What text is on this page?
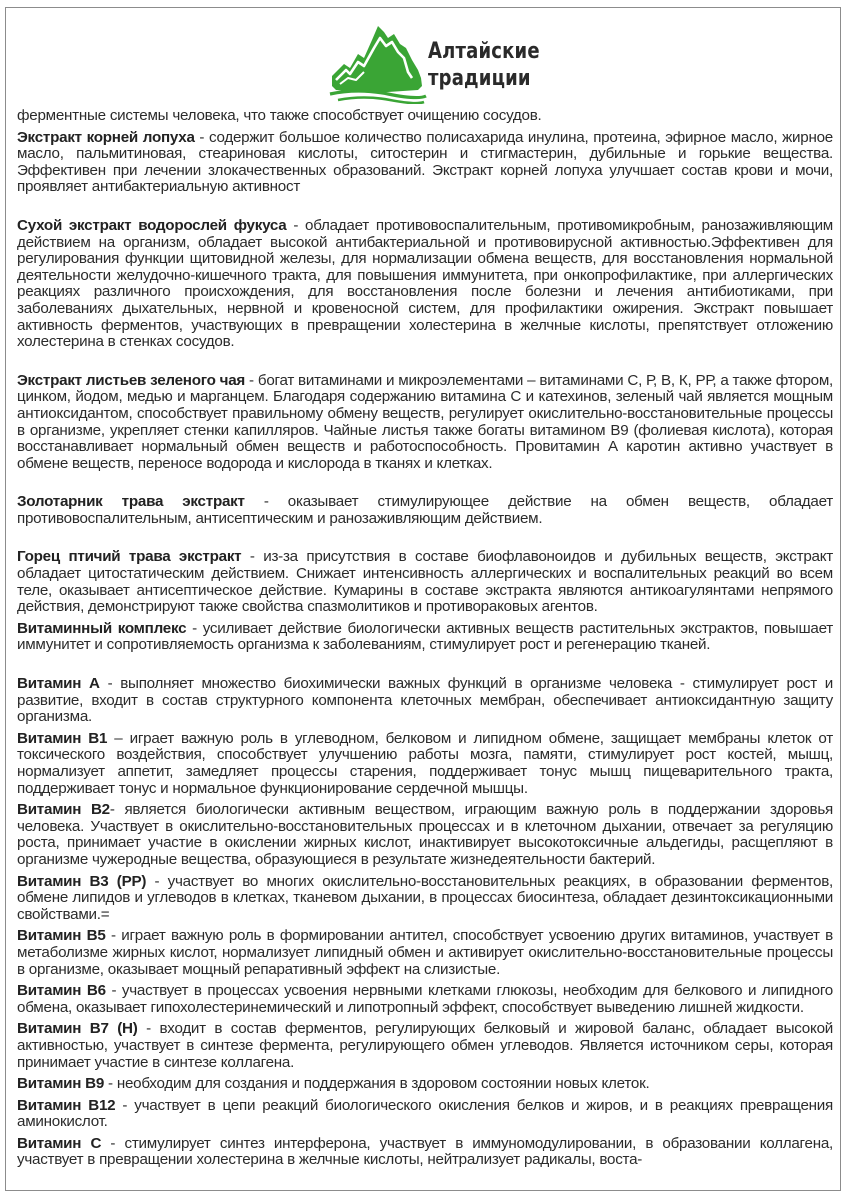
Алтайские
традиции

ферментные системы человека, что также способствует очищению сосудов.

Экстракт корней лопуха - содержит большое количество полисахарида инулина, протеина, эфирное масло, жирное масло, пальмитиновая, стеариновая кислоты, ситостерин и стигмастерин, дубильные и горькие вещества. Эффективен при лечении злокачественных образований. Экстракт корней лопуха улучшает состав крови и мочи, проявляет антибактериальную активност

Сухой экстракт водорослей фукуса - обладает противовоспалительным, противомикробным, ранозаживляющим действием на организм, обладает высокой антибактериальной и противовирусной активностью.Эффективен для регулирования функции щитовидной железы, для нормализации обмена веществ, для восстановления нормальной деятельности желудочно-кишечного тракта, для повышения иммунитета, при онкопрофилактике, при аллергических реакциях различного происхождения, для восстановления после болезни и лечения антибиотиками, при заболеваниях дыхательных, нервной и кровеносной систем, для профилактики ожирения. Экстракт повышает активность ферментов, участвующих в превращении холестерина в желчные кислоты, препятствует отложению холестерина в стенках сосудов.

Экстракт листьев зеленого чая - богат витаминами и микроэлементами – витаминами С, Р, В, К, РР, а также фтором, цинком, йодом, медью и марганцем. Благодаря содержанию витамина С и катехинов, зеленый чай является мощным антиоксидантом, способствует правильному обмену веществ, регулирует окислительно-восстановительные процессы в организме, укрепляет стенки капилляров. Чайные листья также богаты витамином В9 (фолиевая кислота), которая восстанавливает нормальный обмен веществ и работоспособность. Провитамин А каротин активно участвует в обмене веществ, переносе водорода и кислорода в тканях и клетках.

Золотарник трава экстракт - оказывает стимулирующее действие на обмен веществ, обладает противовоспалительным, антисептическим и ранозаживляющим действием.

Горец птичий трава экстракт - из-за присутствия в составе биофлавоноидов и дубильных веществ, экстракт обладает цитостатическим действием. Снижает интенсивность аллергических и воспалительных реакций во всем теле, оказывает антисептическое действие. Кумарины в составе экстракта являются антикоагулянтами непрямого действия, демонстрируют также свойства спазмолитиков и противораковых агентов.

Витаминный комплекс - усиливает действие биологически активных веществ растительных экстрактов, повышает иммунитет и сопротивляемость организма к заболеваниям, стимулирует рост и регенерацию тканей.

Витамин А - выполняет множество биохимически важных функций в организме человека - стимулирует рост и развитие, входит в состав структурного компонента клеточных мембран, обеспечивает антиоксидантную защиту организма.

Витамин В1 – играет важную роль в углеводном, белковом и липидном обмене, защищает мембраны клеток от токсического воздействия, способствует улучшению работы мозга, памяти, стимулирует рост костей, мышц, нормализует аппетит, замедляет процессы старения, поддерживает тонус мышц пищеварительного тракта, поддерживает тонус и нормальное функционирование сердечной мышцы.

Витамин В2- является биологически активным веществом, играющим важную роль в поддержании здоровья человека. Участвует в окислительно-восстановительных процессах и в клеточном дыхании, отвечает за регуляцию роста, принимает участие в окислении жирных кислот, инактивирует высокотоксичные альдегиды, расщепляют в организме чужеродные вещества, образующиеся в результате жизнедеятельности бактерий.

Витамин В3 (РР) - участвует во многих окислительно-восстановительных реакциях, в образовании ферментов, обмене липидов и углеводов в клетках, тканевом дыхании, в процессах биосинтеза, обладает дезинтоксикационными свойствами.=

Витамин В5 - играет важную роль в формировании антител, способствует усвоению других витаминов, участвует в метаболизме жирных кислот, нормализует липидный обмен и активирует окислительно-восстановительные процессы в организме, оказывает мощный репаративный эффект на слизистые.

Витамин В6 - участвует в процессах усвоения нервными клетками глюкозы, необходим для белкового и липидного обмена, оказывает гипохолестеринемический и липотропный эффект, способствует выведению лишней жидкости.

Витамин В7 (Н) - входит в состав ферментов, регулирующих белковый и жировой баланс, обладает высокой активностью, участвует в синтезе фермента, регулирующего обмен углеводов. Является источником серы, которая принимает участие в синтезе коллагена.

Витамин В9 - необходим для создания и поддержания в здоровом состоянии новых клеток.

Витамин В12 - участвует в цепи реакций биологического окисления белков и жиров, и в реакциях превращения аминокислот.

Витамин С - стимулирует синтез интерферона, участвует в иммуномодулировании, в образовании коллагена, участвует в превращении холестерина в желчные кислоты, нейтрализует радикалы, воста-
